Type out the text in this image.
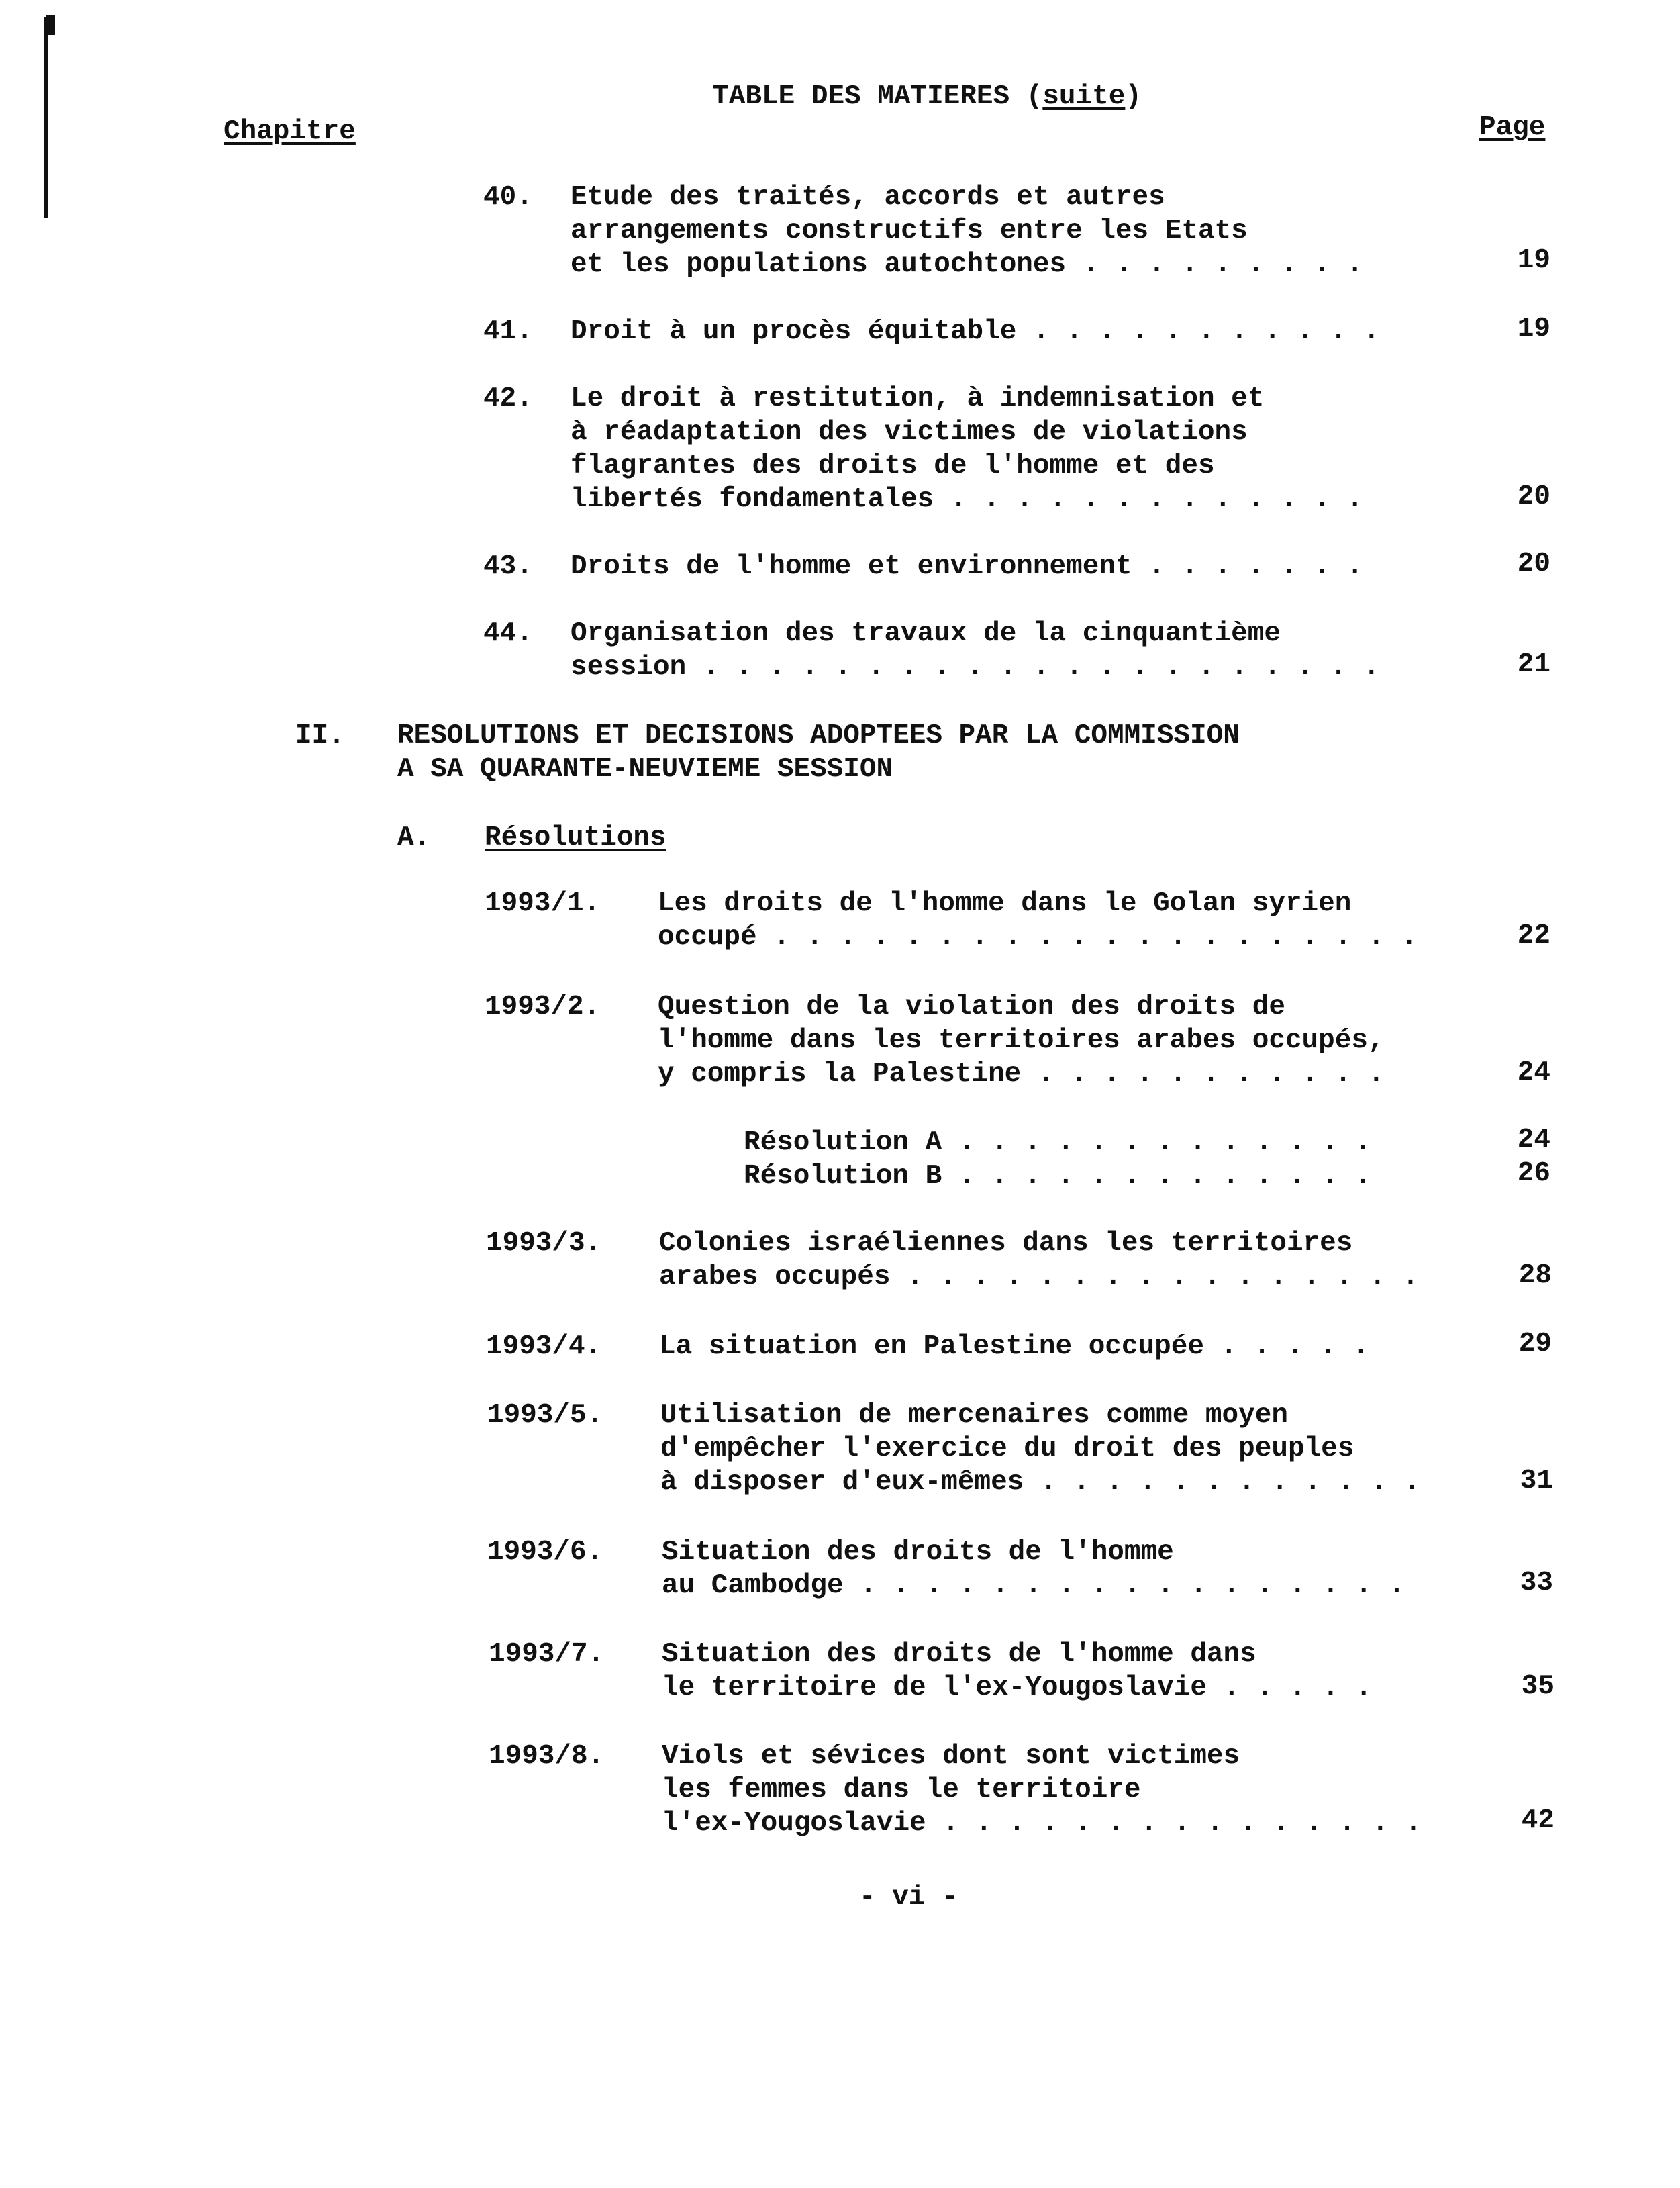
TABLE DES MATIERES (suite)

Chapitre	Page
40. Etude des traités, accords et autres
arrangements constructifs entre les Etats
et les populations autochtones . . . . . . . . .	19
41. Droit à un procès équitable . . . . . . . . . . .	19
42. Le droit à restitution, à indemnisation et
à réadaptation des victimes de violations
flagrantes des droits de l'homme et des
libertés fondamentales . . . . . . . . . . . . .	20
43. Droits de l'homme et environnement . . . . . . .	20
44. Organisation des travaux de la cinquantième
session . . . . . . . . . . . . . . . . . . . . .	21
II. RESOLUTIONS ET DECISIONS ADOPTEES PAR LA COMMISSION
A SA QUARANTE-NEUVIEME SESSION
A. Résolutions
1993/1. Les droits de l'homme dans le Golan syrien
occupé . . . . . . . . . . . . . . . . . . . .	22
1993/2. Question de la violation des droits de
l'homme dans les territoires arabes occupés,
y compris la Palestine . . . . . . . . . . .	24
Résolution A . . . . . . . . . . . . .	24
Résolution B . . . . . . . . . . . . .	26
1993/3. Colonies israéliennes dans les territoires
arabes occupés . . . . . . . . . . . . . . . .	28
1993/4. La situation en Palestine occupée . . . . .	29
1993/5. Utilisation de mercenaires comme moyen
d'empêcher l'exercice du droit des peuples
à disposer d'eux-mêmes . . . . . . . . . . . .	31
1993/6. Situation des droits de l'homme
au Cambodge . . . . . . . . . . . . . . . . .	33
1993/7. Situation des droits de l'homme dans
le territoire de l'ex-Yougoslavie . . . . .	35
1993/8. Viols et sévices dont sont victimes
les femmes dans le territoire
l'ex-Yougoslavie . . . . . . . . . . . . . . .	42
- vi -
